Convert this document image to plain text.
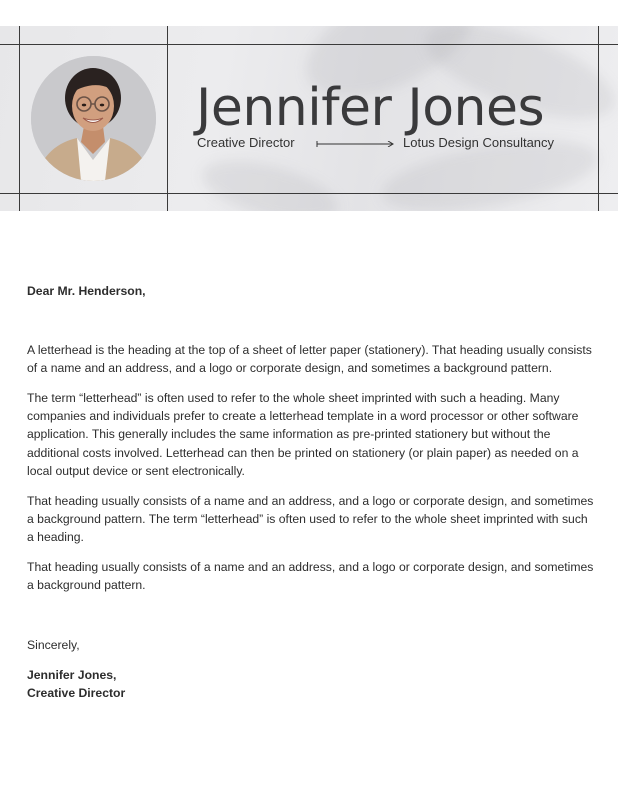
Jennifer Jones
Creative Director	Lotus Design Consultancy
Dear Mr. Henderson,

A letterhead is the heading at the top of a sheet of letter paper (stationery). That heading usually consists of a name and an address, and a logo or corporate design, and sometimes a background pattern.

The term “letterhead” is often used to refer to the whole sheet imprinted with such a heading. Many companies and individuals prefer to create a letterhead template in a word processor or other software application. This generally includes the same information as pre-printed stationery but without the additional costs involved. Letterhead can then be printed on stationery (or plain paper) as needed on a local output device or sent electronically.

That heading usually consists of a name and an address, and a logo or corporate design, and sometimes a background pattern. The term “letterhead” is often used to refer to the whole sheet imprinted with such a heading.

That heading usually consists of a name and an address, and a logo or corporate design, and sometimes a background pattern.

Sincerely,
Jennifer Jones,
Creative Director
